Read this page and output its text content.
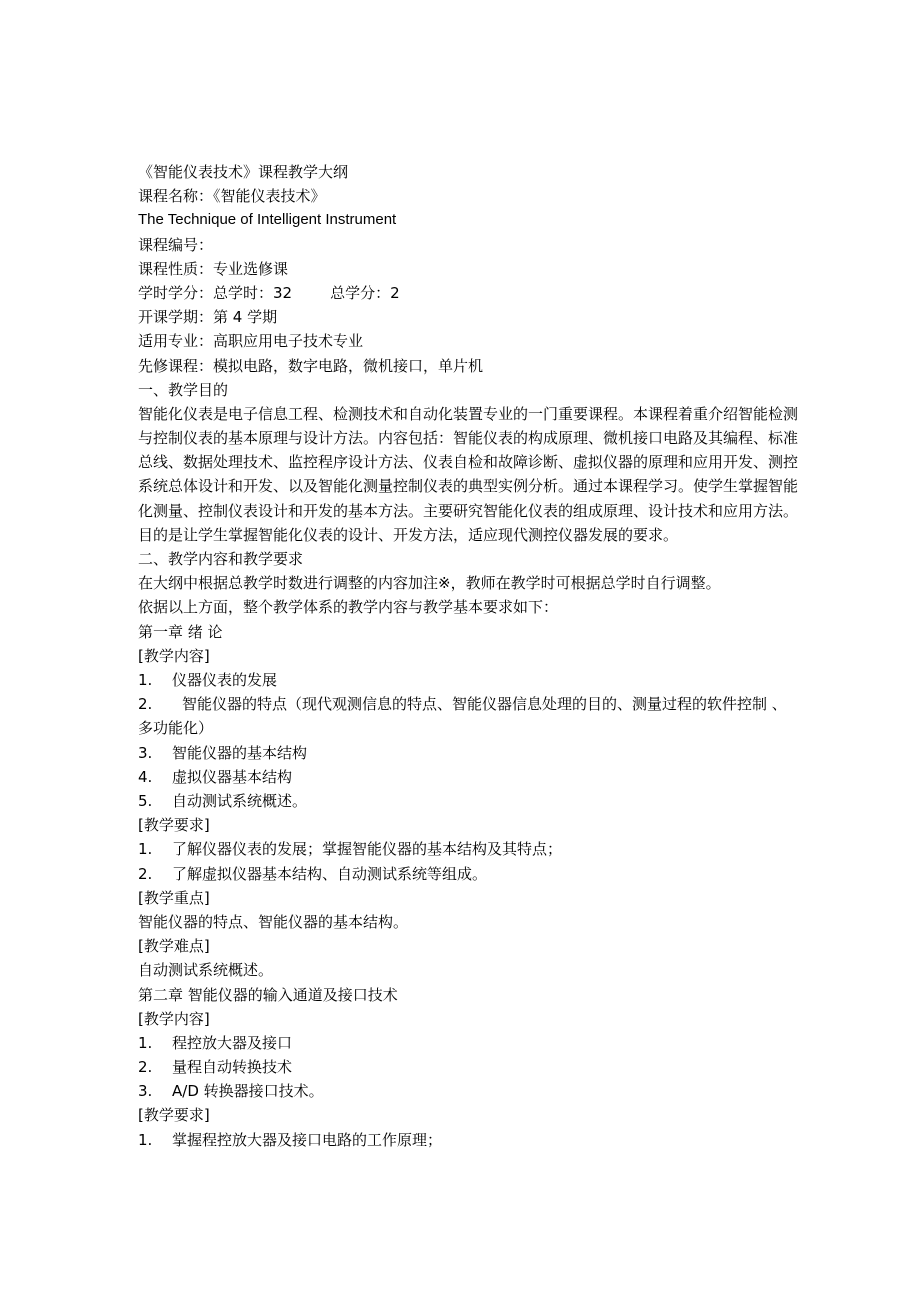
《智能仪表技术》课程教学大纲
课程名称：《智能仪表技术》
The Technique of Intelligent Instrument
课程编号：
课程性质：专业选修课
学时学分：总学时：32	总学分：2
开课学期：第 4 学期
适用专业：高职应用电子技术专业
先修课程：模拟电路，数字电路，微机接口，单片机
一、教学目的
智能化仪表是电子信息工程、检测技术和自动化装置专业的一门重要课程。本课程着重介绍智能检测与控制仪表的基本原理与设计方法。内容包括：智能仪表的构成原理、微机接口电路及其编程、标准总线、数据处理技术、监控程序设计方法、仪表自检和故障诊断、虚拟仪器的原理和应用开发、测控系统总体设计和开发、以及智能化测量控制仪表的典型实例分析。通过本课程学习。使学生掌握智能化测量、控制仪表设计和开发的基本方法。主要研究智能化仪表的组成原理、设计技术和应用方法。目的是让学生掌握智能化仪表的设计、开发方法，适应现代测控仪器发展的要求。
二、教学内容和教学要求
在大纲中根据总教学时数进行调整的内容加注※，教师在教学时可根据总学时自行调整。
依据以上方面，整个教学体系的教学内容与教学基本要求如下：
第一章 绪 论
[教学内容]
1.	仪器仪表的发展
2. 智能仪器的特点（现代观测信息的特点、智能仪器信息处理的目的、测量过程的软件控制 、多功能化）
3.	智能仪器的基本结构
4.	虚拟仪器基本结构
5.	自动测试系统概述。
[教学要求]
1.	了解仪器仪表的发展；掌握智能仪器的基本结构及其特点；
2.	了解虚拟仪器基本结构、自动测试系统等组成。
[教学重点]
智能仪器的特点、智能仪器的基本结构。
[教学难点]
自动测试系统概述。
第二章 智能仪器的输入通道及接口技术
[教学内容]
1.	程控放大器及接口
2.	量程自动转换技术
3.	A/D 转换器接口技术。
[教学要求]
1.	掌握程控放大器及接口电路的工作原理；
